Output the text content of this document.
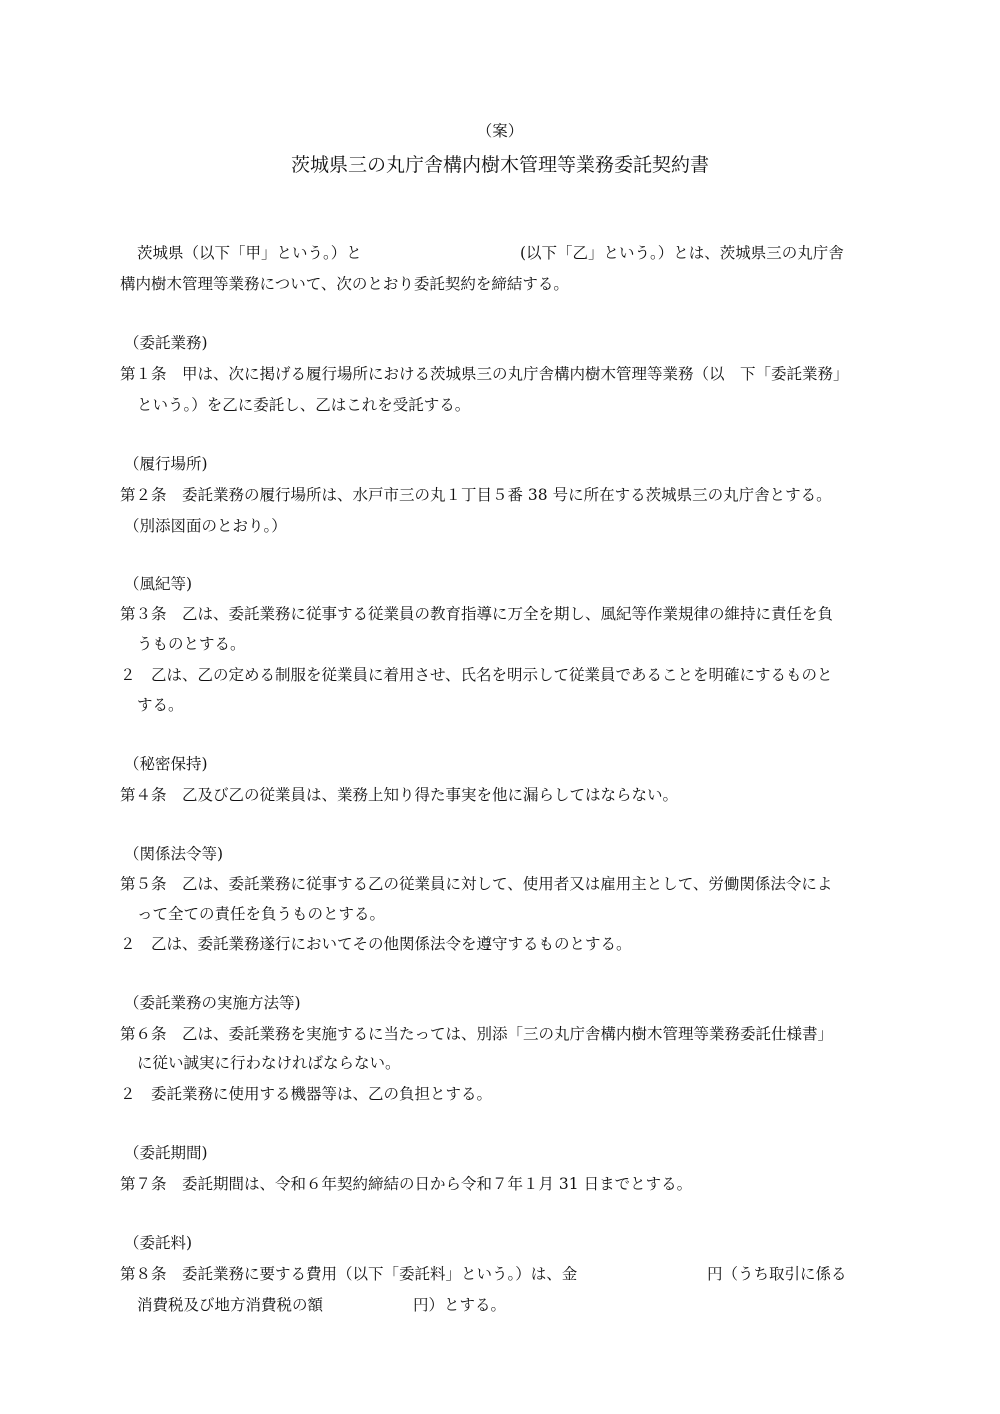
（案）
茨城県三の丸庁舎構内樹木管理等業務委託契約書
茨城県（以下「甲」という。）と	(以下「乙」という。）とは、茨城県三の丸庁舎
構内樹木管理等業務について、次のとおり委託契約を締結する。
（委託業務)
第１条　甲は、次に掲げる履行場所における茨城県三の丸庁舎構内樹木管理等業務（以　下「委託業務」
という。）を乙に委託し、乙はこれを受託する。
（履行場所)
第２条　委託業務の履行場所は、水戸市三の丸１丁目５番 38 号に所在する茨城県三の丸庁舎とする。
（別添図面のとおり。）
（風紀等)
第３条　乙は、委託業務に従事する従業員の教育指導に万全を期し、風紀等作業規律の維持に責任を負
うものとする。
２　乙は、乙の定める制服を従業員に着用させ、氏名を明示して従業員であることを明確にするものと
する。
（秘密保持)
第４条　乙及び乙の従業員は、業務上知り得た事実を他に漏らしてはならない。
（関係法令等)
第５条　乙は、委託業務に従事する乙の従業員に対して、使用者又は雇用主として、労働関係法令によ
って全ての責任を負うものとする。
２　乙は、委託業務遂行においてその他関係法令を遵守するものとする。
（委託業務の実施方法等)
第６条　乙は、委託業務を実施するに当たっては、別添「三の丸庁舎構内樹木管理等業務委託仕様書」
に従い誠実に行わなければならない。
２　委託業務に使用する機器等は、乙の負担とする。
（委託期間)
第７条　委託期間は、令和６年契約締結の日から令和７年１月 31 日までとする。
（委託料)
第８条　委託業務に要する費用（以下「委託料」という。）は、金	円（うち取引に係る
消費税及び地方消費税の額	円）とする。
